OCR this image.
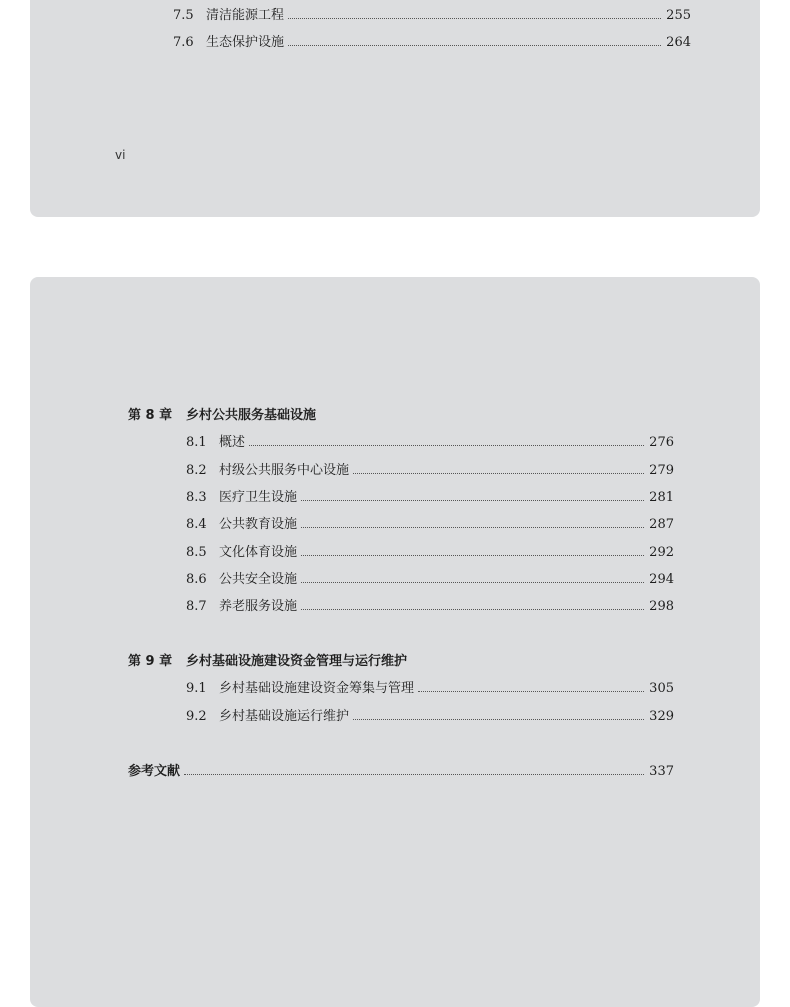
7.5 清洁能源工程	255
7.6 生态保护设施	264
vi
第 8 章 乡村公共服务基础设施
8.1 概述	276
8.2 村级公共服务中心设施	279
8.3 医疗卫生设施	281
8.4 公共教育设施	287
8.5 文化体育设施	292
8.6 公共安全设施	294
8.7 养老服务设施	298
第 9 章 乡村基础设施建设资金管理与运行维护
9.1 乡村基础设施建设资金筹集与管理	305
9.2 乡村基础设施运行维护	329
参考文献	337
